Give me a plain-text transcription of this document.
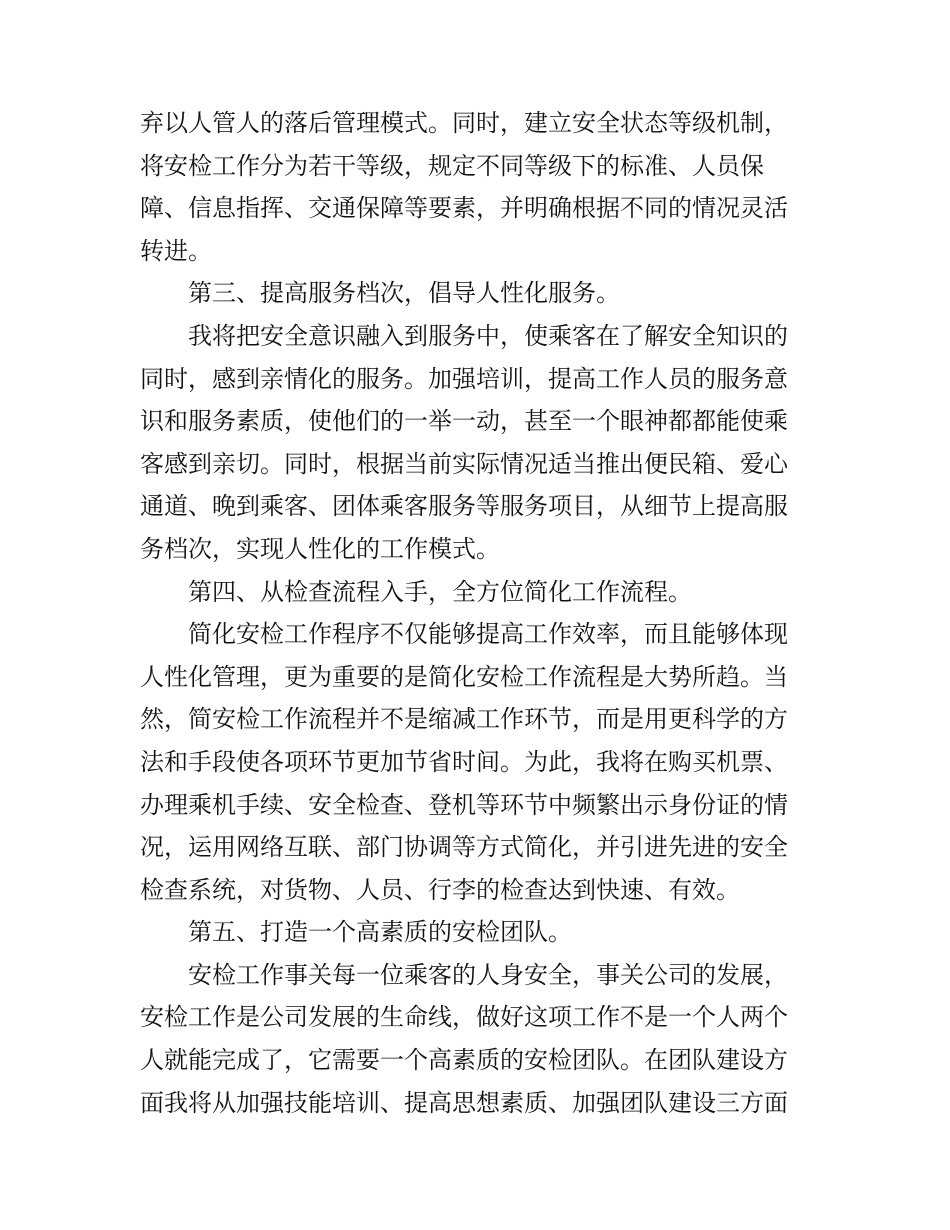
弃以人管人的落后管理模式。同时，建立安全状态等级机制，
将安检工作分为若干等级，规定不同等级下的标准、人员保
障、信息指挥、交通保障等要素，并明确根据不同的情况灵活
转进。
第三、提高服务档次，倡导人性化服务。
我将把安全意识融入到服务中，使乘客在了解安全知识的
同时，感到亲情化的服务。加强培训，提高工作人员的服务意
识和服务素质，使他们的一举一动，甚至一个眼神都都能使乘
客感到亲切。同时，根据当前实际情况适当推出便民箱、爱心
通道、晚到乘客、团体乘客服务等服务项目，从细节上提高服
务档次，实现人性化的工作模式。
第四、从检查流程入手，全方位简化工作流程。
简化安检工作程序不仅能够提高工作效率，而且能够体现
人性化管理，更为重要的是简化安检工作流程是大势所趋。当
然，简安检工作流程并不是缩减工作环节，而是用更科学的方
法和手段使各项环节更加节省时间。为此，我将在购买机票、
办理乘机手续、安全检查、登机等环节中频繁出示身份证的情
况，运用网络互联、部门协调等方式简化，并引进先进的安全
检查系统，对货物、人员、行李的检查达到快速、有效。
第五、打造一个高素质的安检团队。
安检工作事关每一位乘客的人身安全，事关公司的发展，
安检工作是公司发展的生命线，做好这项工作不是一个人两个
人就能完成了，它需要一个高素质的安检团队。在团队建设方
面我将从加强技能培训、提高思想素质、加强团队建设三方面
